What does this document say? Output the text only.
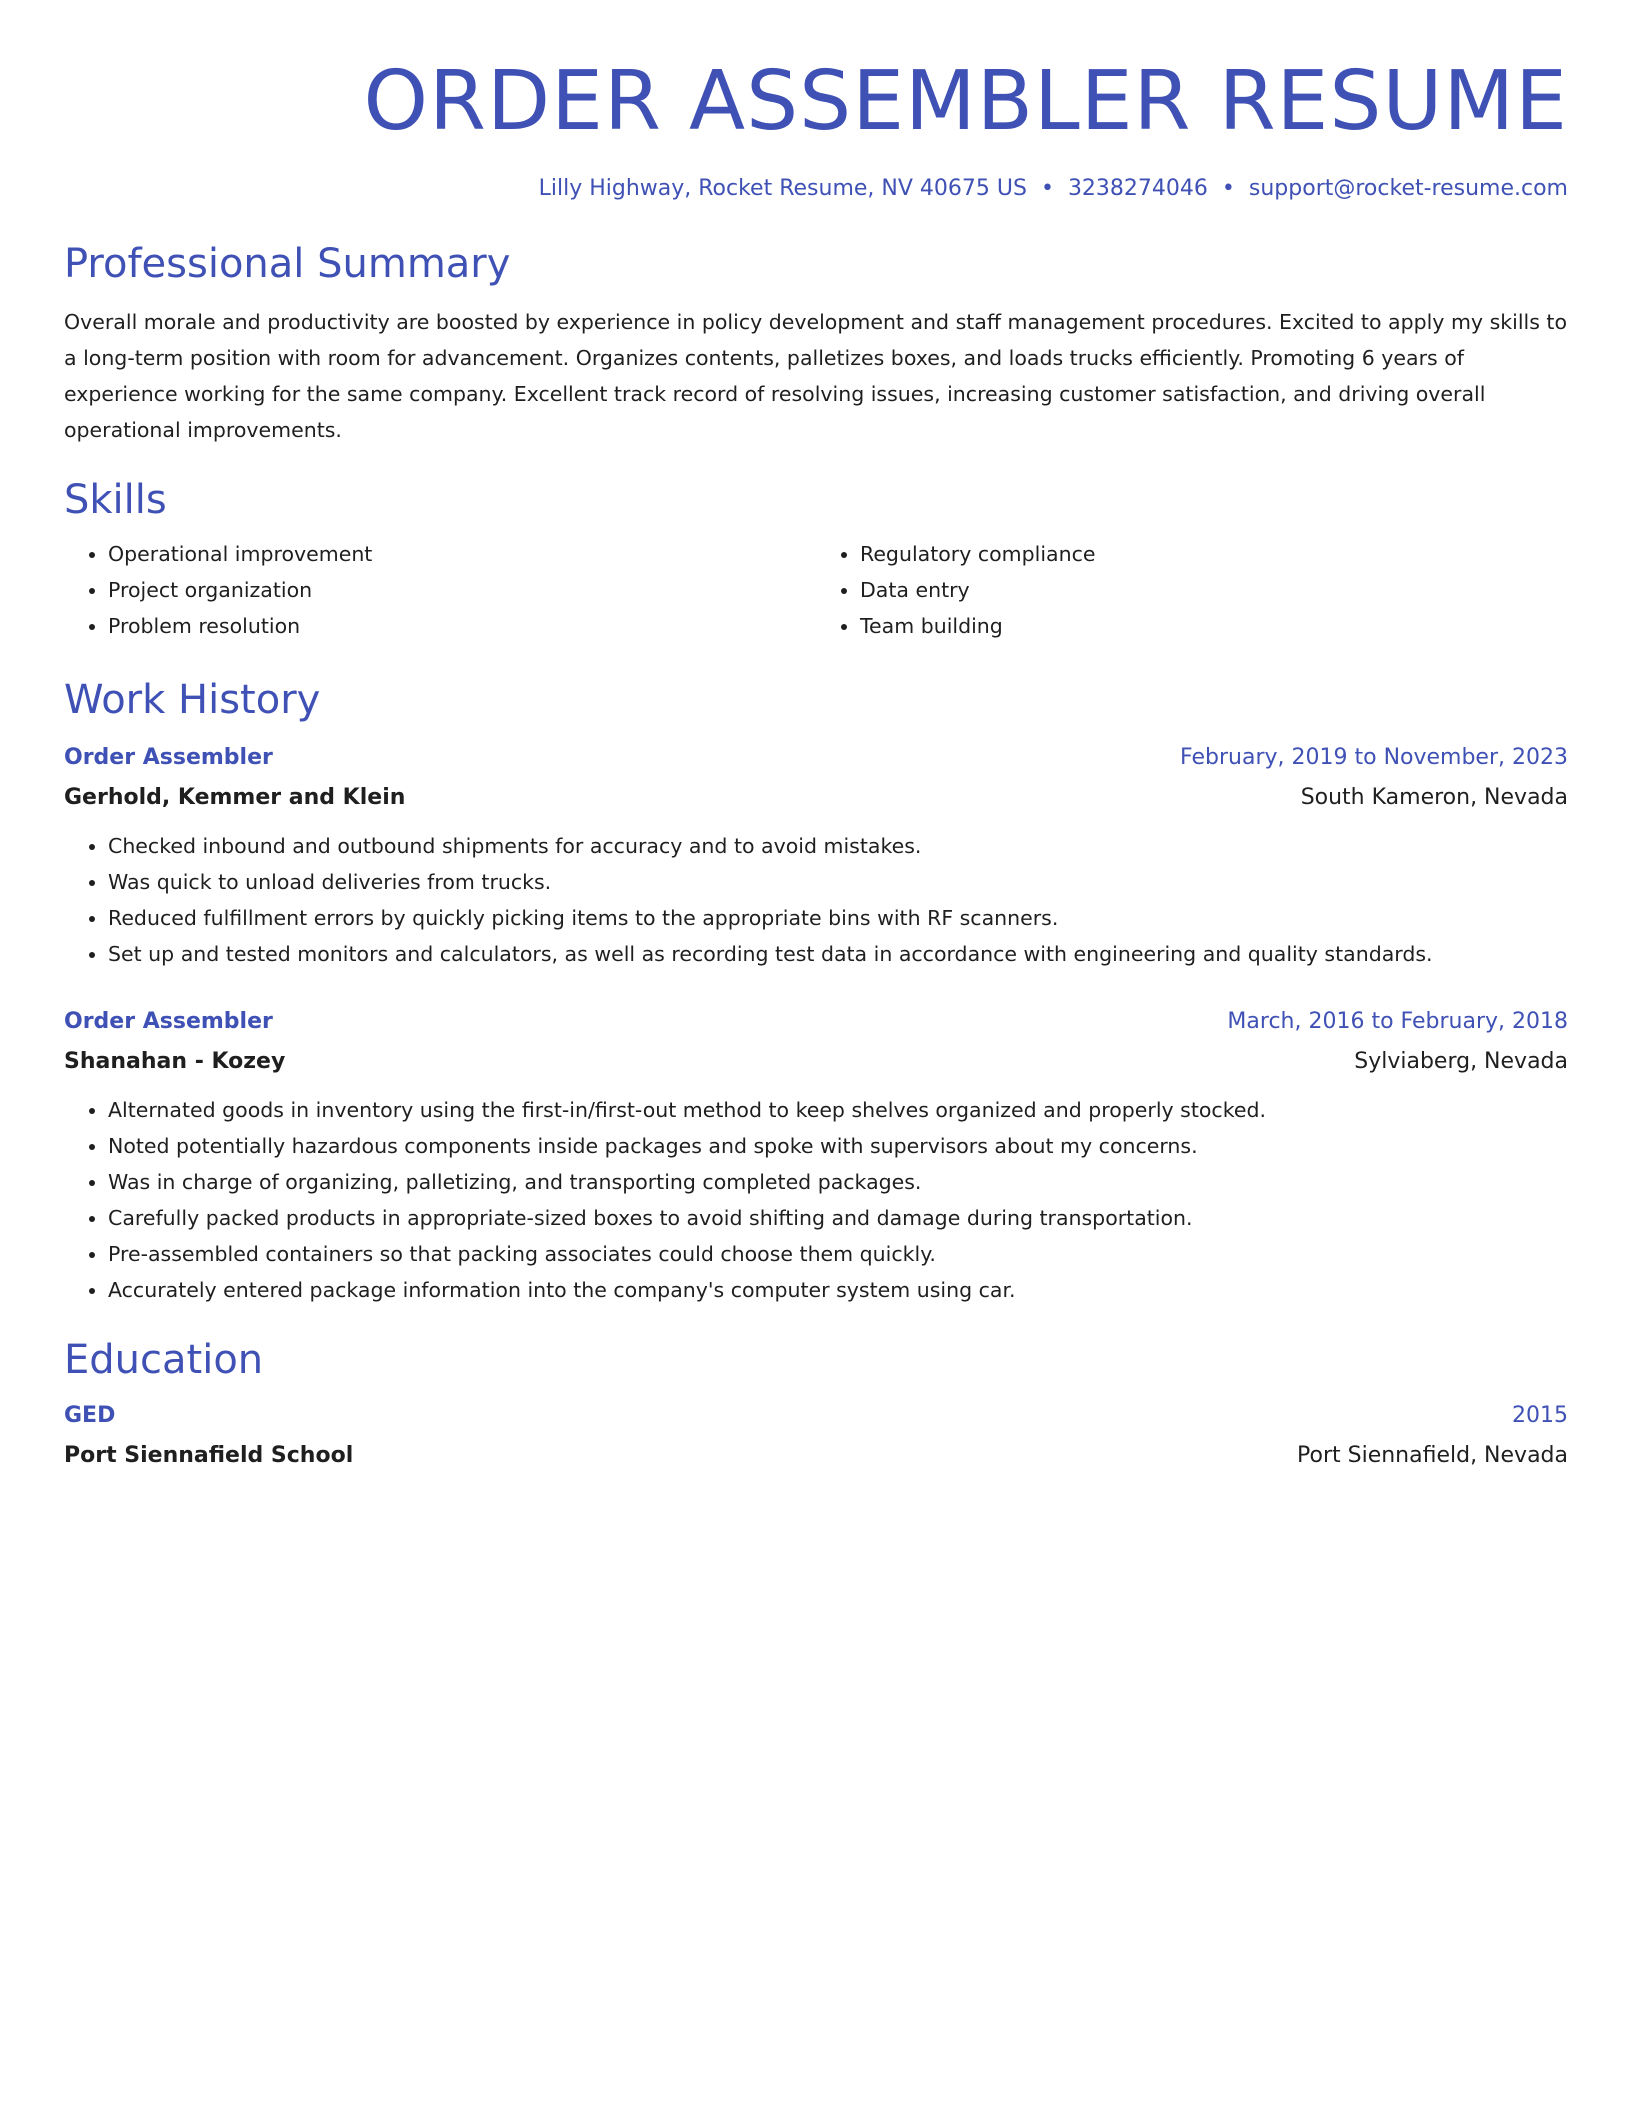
ORDER ASSEMBLER RESUME
Lilly Highway, Rocket Resume, NV 40675 US • 3238274046 • support@rocket-resume.com
Professional Summary

Overall morale and productivity are boosted by experience in policy development and staff management procedures. Excited to apply my skills to a long-term position with room for advancement. Organizes contents, palletizes boxes, and loads trucks efficiently. Promoting 6 years of experience working for the same company. Excellent track record of resolving issues, increasing customer satisfaction, and driving overall operational improvements.

Skills
• Operational improvement
• Project organization
• Problem resolution
• Regulatory compliance
• Data entry
• Team building
Work History
Order Assembler	February, 2019 to November, 2023
Gerhold, Kemmer and Klein	South Kameron, Nevada
• Checked inbound and outbound shipments for accuracy and to avoid mistakes.
• Was quick to unload deliveries from trucks.
• Reduced fulfillment errors by quickly picking items to the appropriate bins with RF scanners.
• Set up and tested monitors and calculators, as well as recording test data in accordance with engineering and quality standards.
Order Assembler	March, 2016 to February, 2018
Shanahan - Kozey	Sylviaberg, Nevada
• Alternated goods in inventory using the first-in/first-out method to keep shelves organized and properly stocked.
• Noted potentially hazardous components inside packages and spoke with supervisors about my concerns.
• Was in charge of organizing, palletizing, and transporting completed packages.
• Carefully packed products in appropriate-sized boxes to avoid shifting and damage during transportation.
• Pre-assembled containers so that packing associates could choose them quickly.
• Accurately entered package information into the company's computer system using car.
Education
GED	2015
Port Siennafield School	Port Siennafield, Nevada
